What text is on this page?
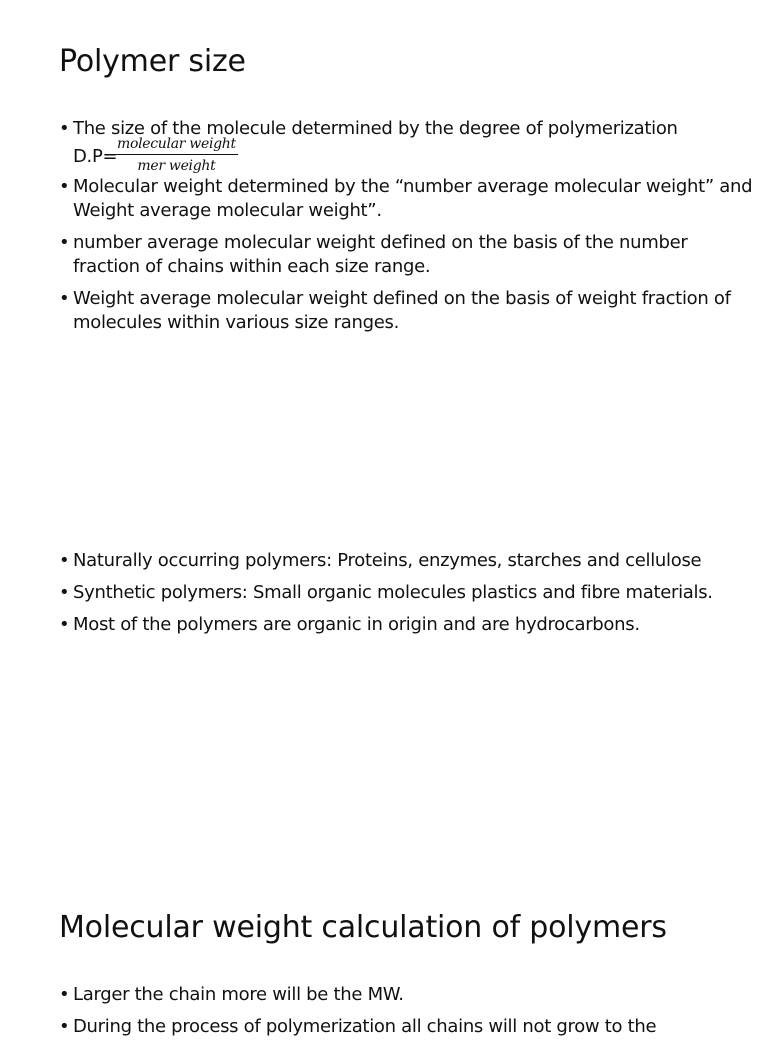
Polymer size
• The size of the molecule determined by the degree of polymerization
D.P=
molecular weight
mer weight
• Molecular weight determined by the “number average molecular weight” and Weight average molecular weight”.
• number average molecular weight defined on the basis of the number fraction of chains within each size range.
• Weight average molecular weight defined on the basis of weight fraction of molecules within various size ranges.
• Naturally occurring polymers: Proteins, enzymes, starches and cellulose
• Synthetic polymers: Small organic molecules plastics and fibre materials.
• Most of the polymers are organic in origin and are hydrocarbons.
Molecular weight calculation of polymers
• Larger the chain more will be the MW.
• During the process of polymerization all chains will not grow to the
